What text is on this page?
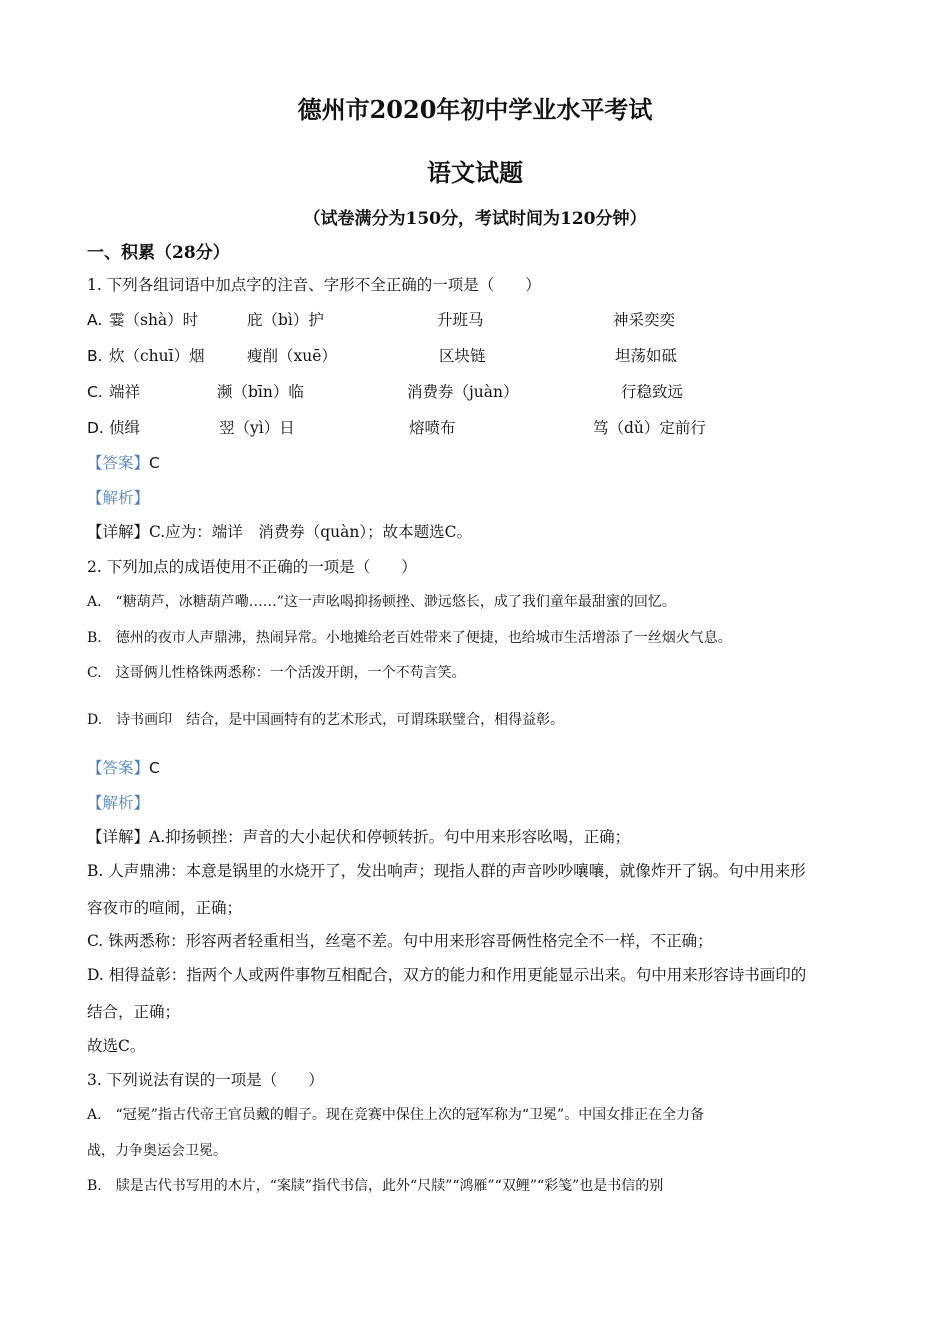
德州市2020年初中学业水平考试
语文试题
（试卷满分为150分，考试时间为120分钟）
一、积累（28分）
1. 下列各组词语中加点字的注音、字形不全正确的一项是（　　）
A. 霎（shà）时	庇（bì）护	升班马	神采奕奕
B. 炊（chuī）烟	瘦削（xuē）	区块链	坦荡如砥
C. 端祥	濒（bīn）临	消费券（juàn）	行稳致远
D. 侦缉	翌（yì）日	熔喷布	笃（dǔ）定前行
【答案】C
【解析】
【详解】C.应为：端详　消费券（quàn）；故本题选C。
2. 下列加点的成语使用不正确的一项是（　　）
A.　“糖葫芦，冰糖葫芦嘞……”这一声吆喝抑扬顿挫、渺远悠长，成了我们童年最甜蜜的回忆。
B.　德州的夜市人声鼎沸，热闹异常。小地摊给老百姓带来了便捷，也给城市生活增添了一丝烟火气息。
C.　这哥俩儿性格铢两悉称：一个活泼开朗，一个不苟言笑。
D.　诗书画印　结合，是中国画特有的艺术形式，可谓珠联璧合，相得益彰。
【答案】C
【解析】
【详解】A.抑扬顿挫：声音的大小起伏和停顿转折。句中用来形容吆喝，正确；
B. 人声鼎沸：本意是锅里的水烧开了，发出响声；现指人群的声音吵吵嚷嚷，就像炸开了锅。句中用来形
容夜市的喧闹，正确；
C. 铢两悉称：形容两者轻重相当，丝毫不差。句中用来形容哥俩性格完全不一样，不正确；
D. 相得益彰：指两个人或两件事物互相配合，双方的能力和作用更能显示出来。句中用来形容诗书画印的
结合，正确；
故选C。
3. 下列说法有误的一项是（　　）
A.　“冠冕”指古代帝王官员戴的帽子。现在竞赛中保住上次的冠军称为“卫冕”。中国女排正在全力备
战，力争奥运会卫冕。
B.　牍是古代书写用的木片，“案牍”指代书信，此外“尺牍”“鸿雁”“双鲤”“彩笺”也是书信的别
